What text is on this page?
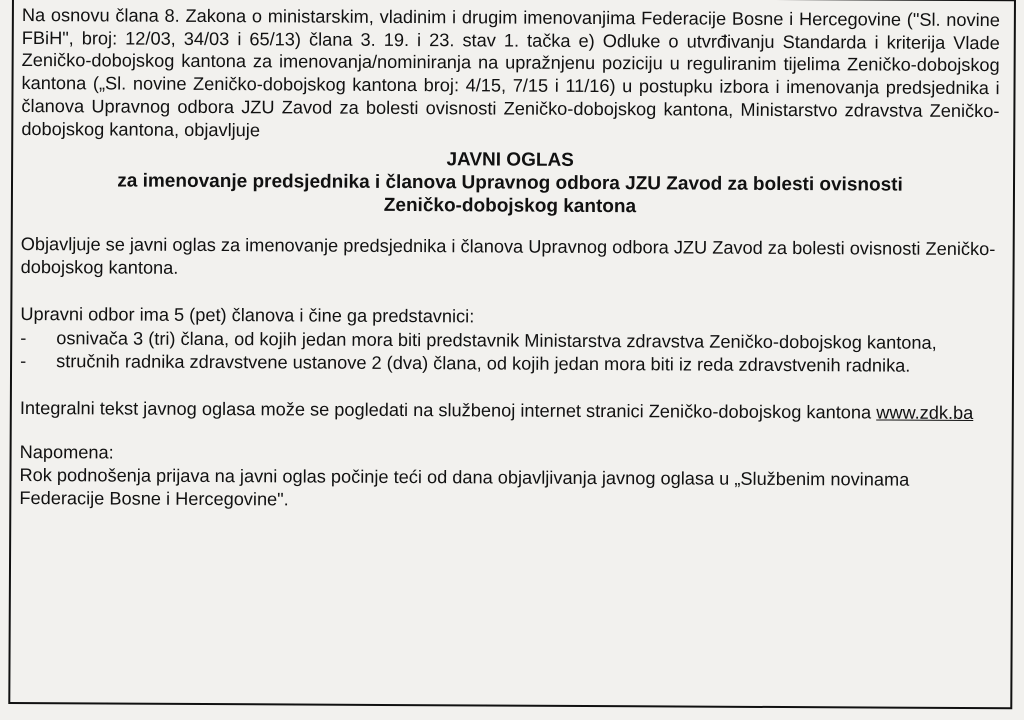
Na osnovu člana 8. Zakona o ministarskim, vladinim i drugim imenovanjima Federacije Bosne i Hercegovine ("Sl. novine FBiH", broj: 12/03, 34/03 i 65/13) člana 3. 19. i 23. stav 1. tačka e) Odluke o utvrđivanju Standarda i kriterija Vlade Zeničko-dobojskog kantona za imenovanja/nominiranja na upražnjenu poziciju u reguliranim tijelima Zeničko-dobojskog kantona („Sl. novine Zeničko-dobojskog kantona broj: 4/15, 7/15 i 11/16) u postupku izbora i imenovanja predsjednika i članova Upravnog odbora JZU Zavod za bolesti ovisnosti Zeničko-dobojskog kantona, Ministarstvo zdravstva Zeničko-dobojskog kantona, objavljuje

JAVNI OGLAS
za imenovanje predsjednika i članova Upravnog odbora JZU Zavod za bolesti ovisnosti
Zeničko-dobojskog kantona

Objavljuje se javni oglas za imenovanje predsjednika i članova Upravnog odbora JZU Zavod za bolesti ovisnosti Zeničko-dobojskog kantona.

Upravni odbor ima 5 (pet) članova i čine ga predstavnici:

- osnivača 3 (tri) člana, od kojih jedan mora biti predstavnik Ministarstva zdravstva Zeničko-dobojskog kantona,
- stručnih radnika zdravstvene ustanove 2 (dva) člana, od kojih jedan mora biti iz reda zdravstvenih radnika.

Integralni tekst javnog oglasa može se pogledati na službenoj internet stranici Zeničko-dobojskog kantona www.zdk.ba

Napomena:

Rok podnošenja prijava na javni oglas počinje teći od dana objavljivanja javnog oglasa u „Službenim novinama Federacije Bosne i Hercegovine".
